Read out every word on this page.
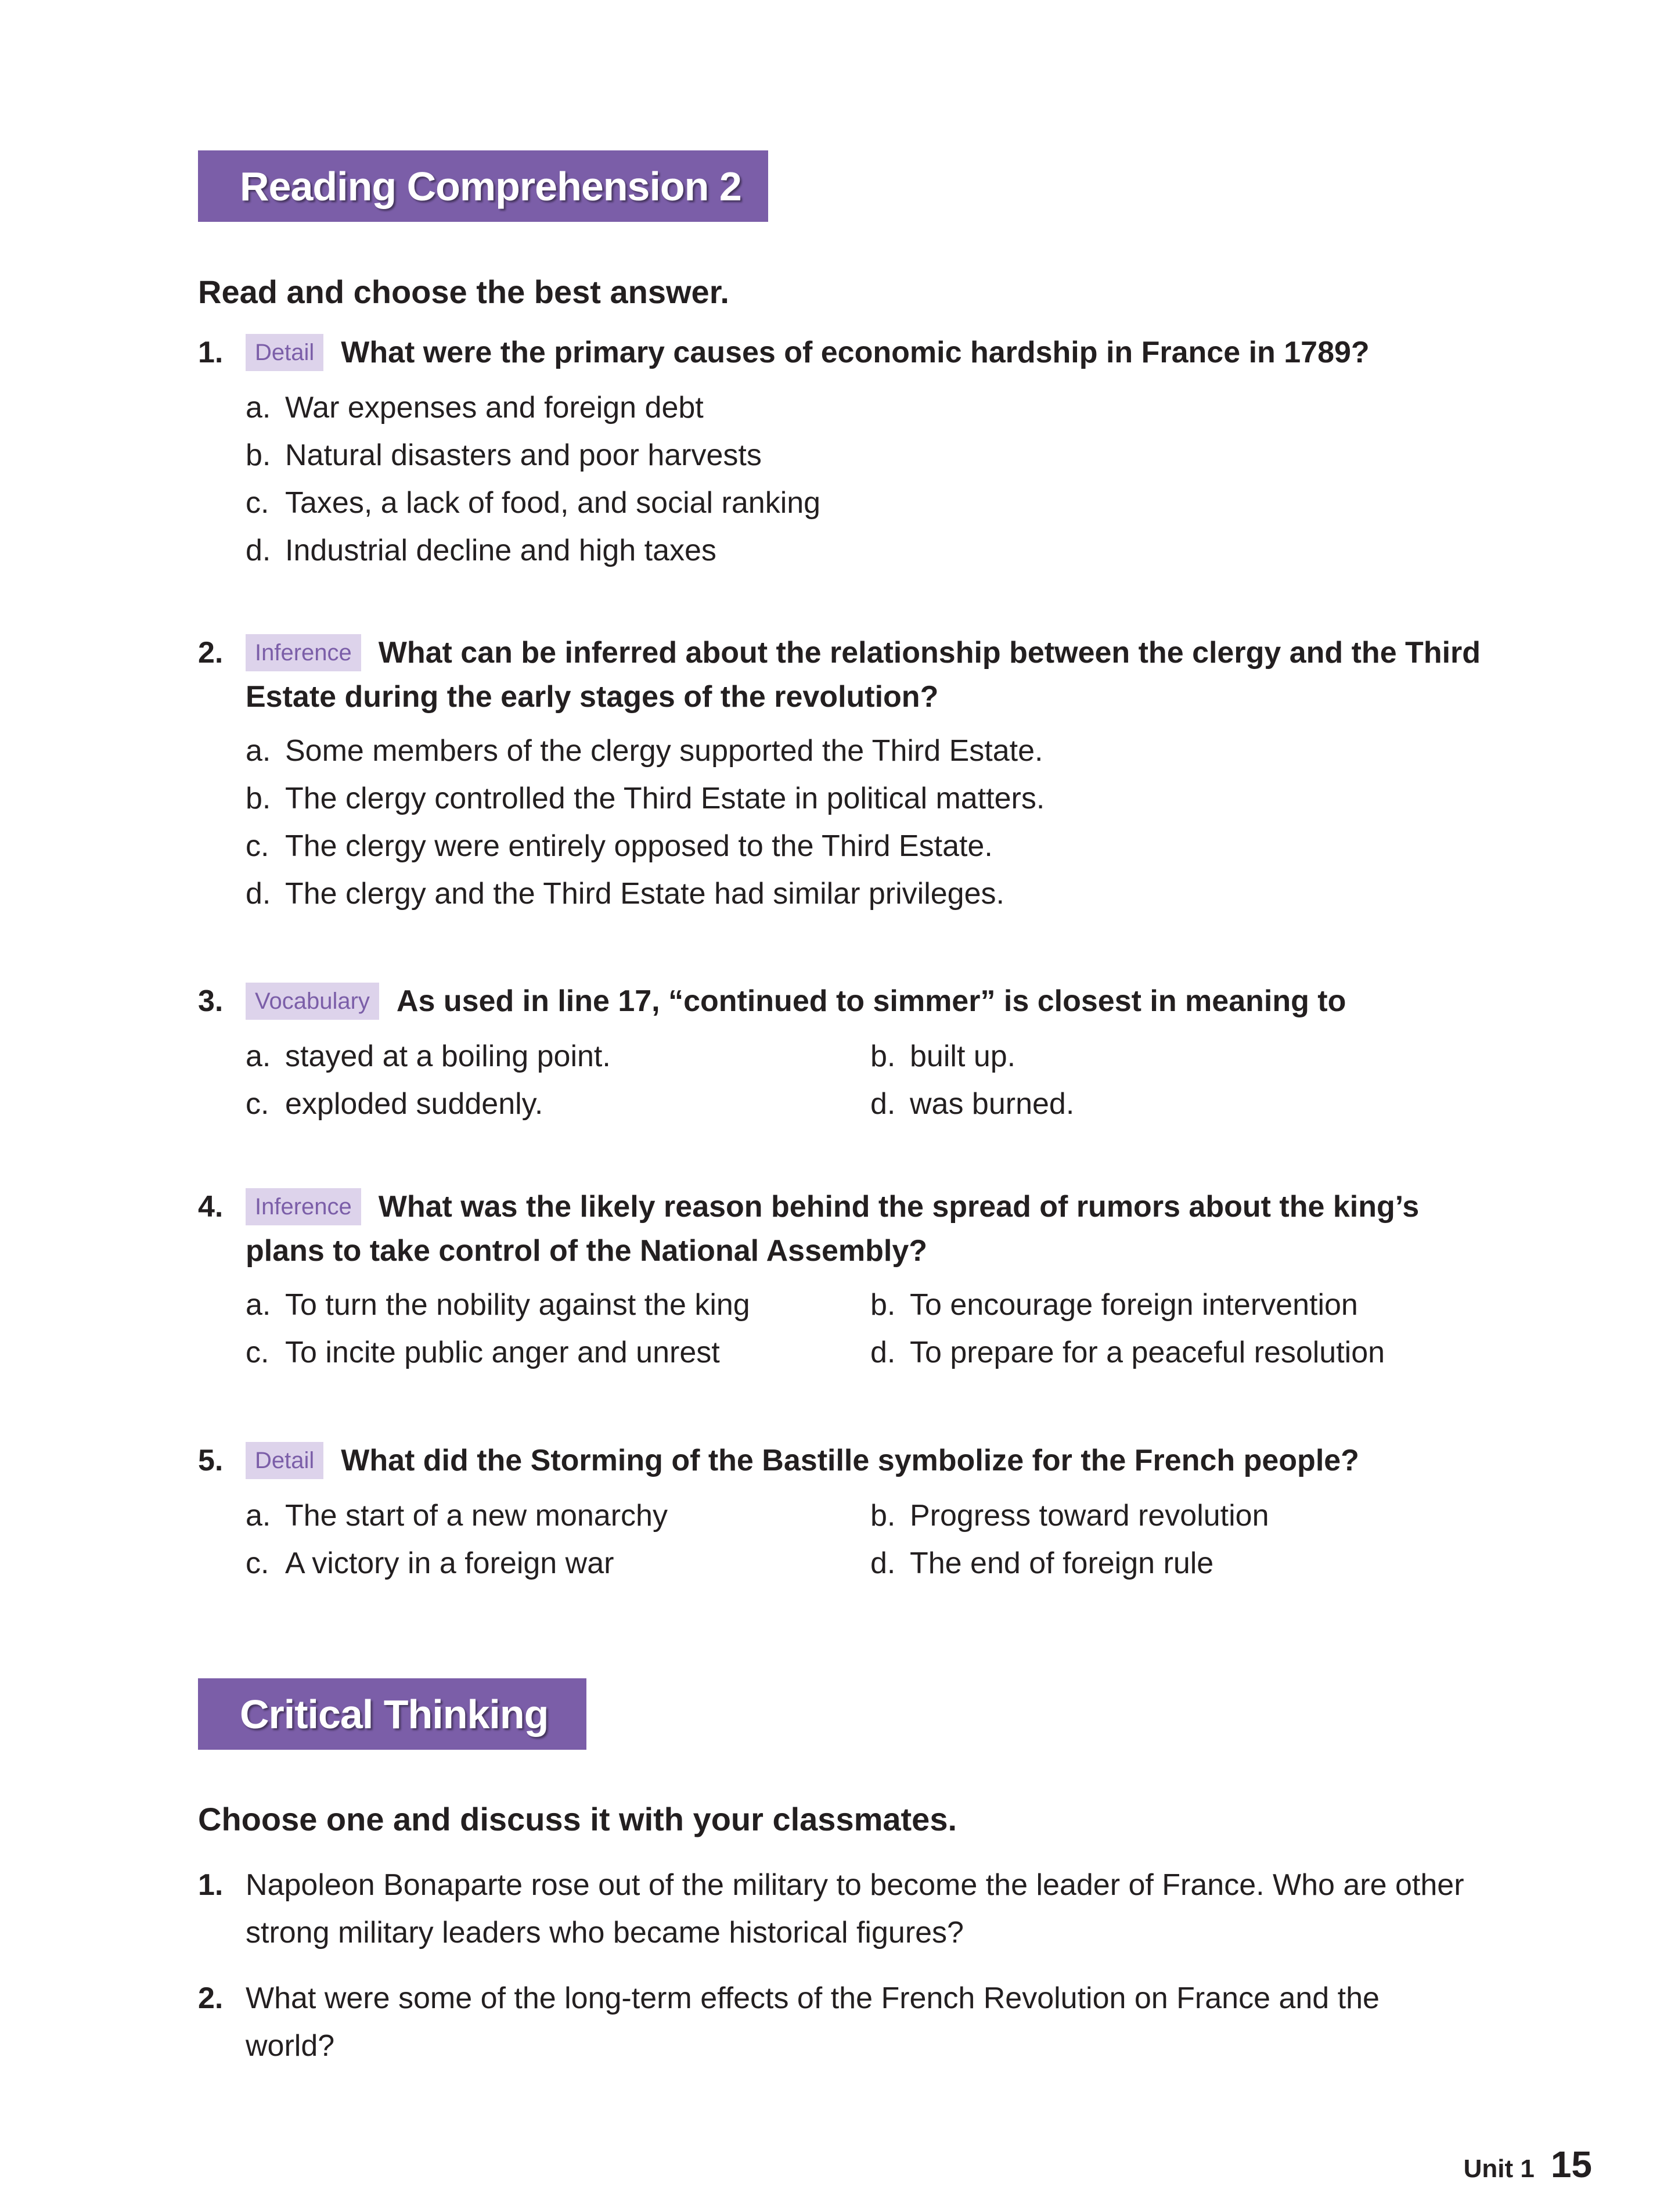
Reading Comprehension 2
Read and choose the best answer.
1.	Detail What were the primary causes of economic hardship in France in 1789?
a. War expenses and foreign debt
b. Natural disasters and poor harvests
c. Taxes, a lack of food, and social ranking
d. Industrial decline and high taxes
2.	Inference What can be inferred about the relationship between the clergy and the Third
Estate during the early stages of the revolution?
a. Some members of the clergy supported the Third Estate.
b. The clergy controlled the Third Estate in political matters.
c. The clergy were entirely opposed to the Third Estate.
d. The clergy and the Third Estate had similar privileges.
3.	Vocabulary As used in line 17, “continued to simmer” is closest in meaning to
a. stayed at a boiling point.	b. built up.
c. exploded suddenly.	d. was burned.
4.	Inference What was the likely reason behind the spread of rumors about the king’s
plans to take control of the National Assembly?
a. To turn the nobility against the king	b. To encourage foreign intervention
c. To incite public anger and unrest	d. To prepare for a peaceful resolution
5.	Detail What did the Storming of the Bastille symbolize for the French people?
a. The start of a new monarchy	b. Progress toward revolution
c. A victory in a foreign war	d. The end of foreign rule
Critical Thinking
Choose one and discuss it with your classmates.
1. Napoleon Bonaparte rose out of the military to become the leader of France. Who are other
strong military leaders who became historical figures?
2. What were some of the long-term effects of the French Revolution on France and the
world?
Unit 1 15
